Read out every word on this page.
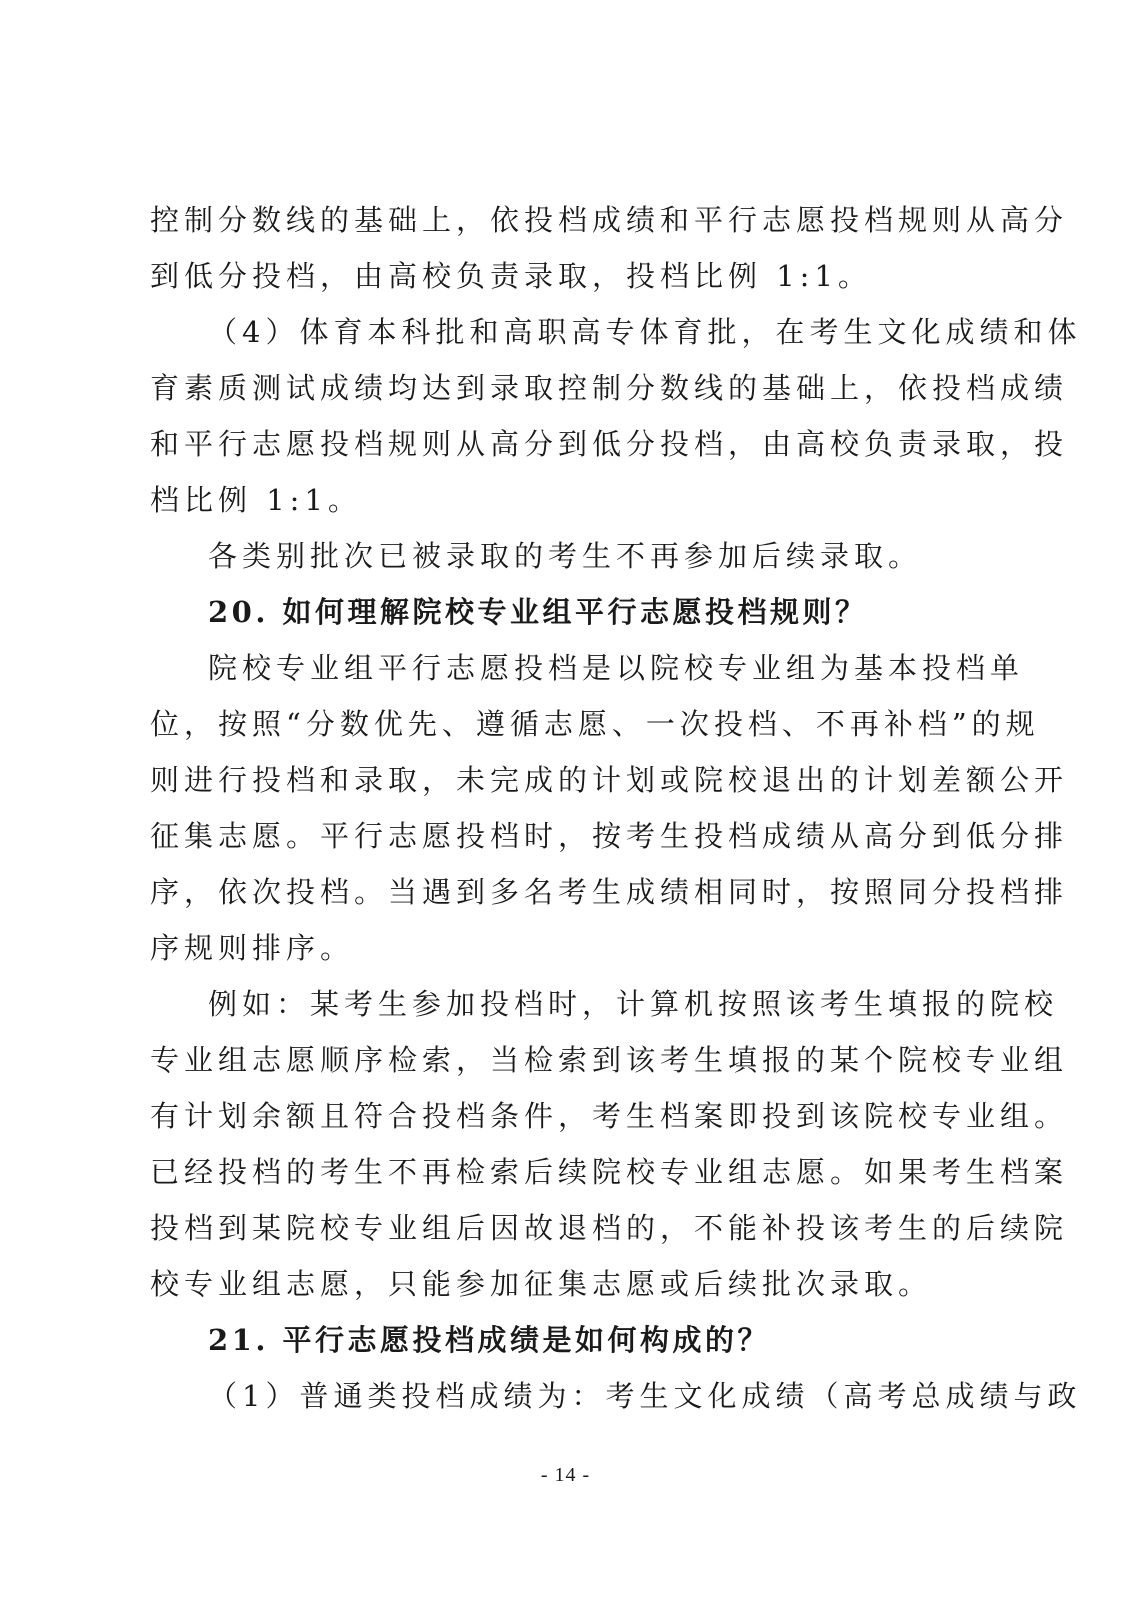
控制分数线的基础上，依投档成绩和平行志愿投档规则从高分
到低分投档，由高校负责录取，投档比例 1:1。
（4）体育本科批和高职高专体育批，在考生文化成绩和体
育素质测试成绩均达到录取控制分数线的基础上，依投档成绩
和平行志愿投档规则从高分到低分投档，由高校负责录取，投
档比例 1:1。
各类别批次已被录取的考生不再参加后续录取。
20. 如何理解院校专业组平行志愿投档规则？
院校专业组平行志愿投档是以院校专业组为基本投档单
位，按照“分数优先、遵循志愿、一次投档、不再补档”的规
则进行投档和录取，未完成的计划或院校退出的计划差额公开
征集志愿。平行志愿投档时，按考生投档成绩从高分到低分排
序，依次投档。当遇到多名考生成绩相同时，按照同分投档排
序规则排序。
例如：某考生参加投档时，计算机按照该考生填报的院校
专业组志愿顺序检索，当检索到该考生填报的某个院校专业组
有计划余额且符合投档条件，考生档案即投到该院校专业组。
已经投档的考生不再检索后续院校专业组志愿。如果考生档案
投档到某院校专业组后因故退档的，不能补投该考生的后续院
校专业组志愿，只能参加征集志愿或后续批次录取。
21. 平行志愿投档成绩是如何构成的？
（1）普通类投档成绩为：考生文化成绩（高考总成绩与政
- 14 -
